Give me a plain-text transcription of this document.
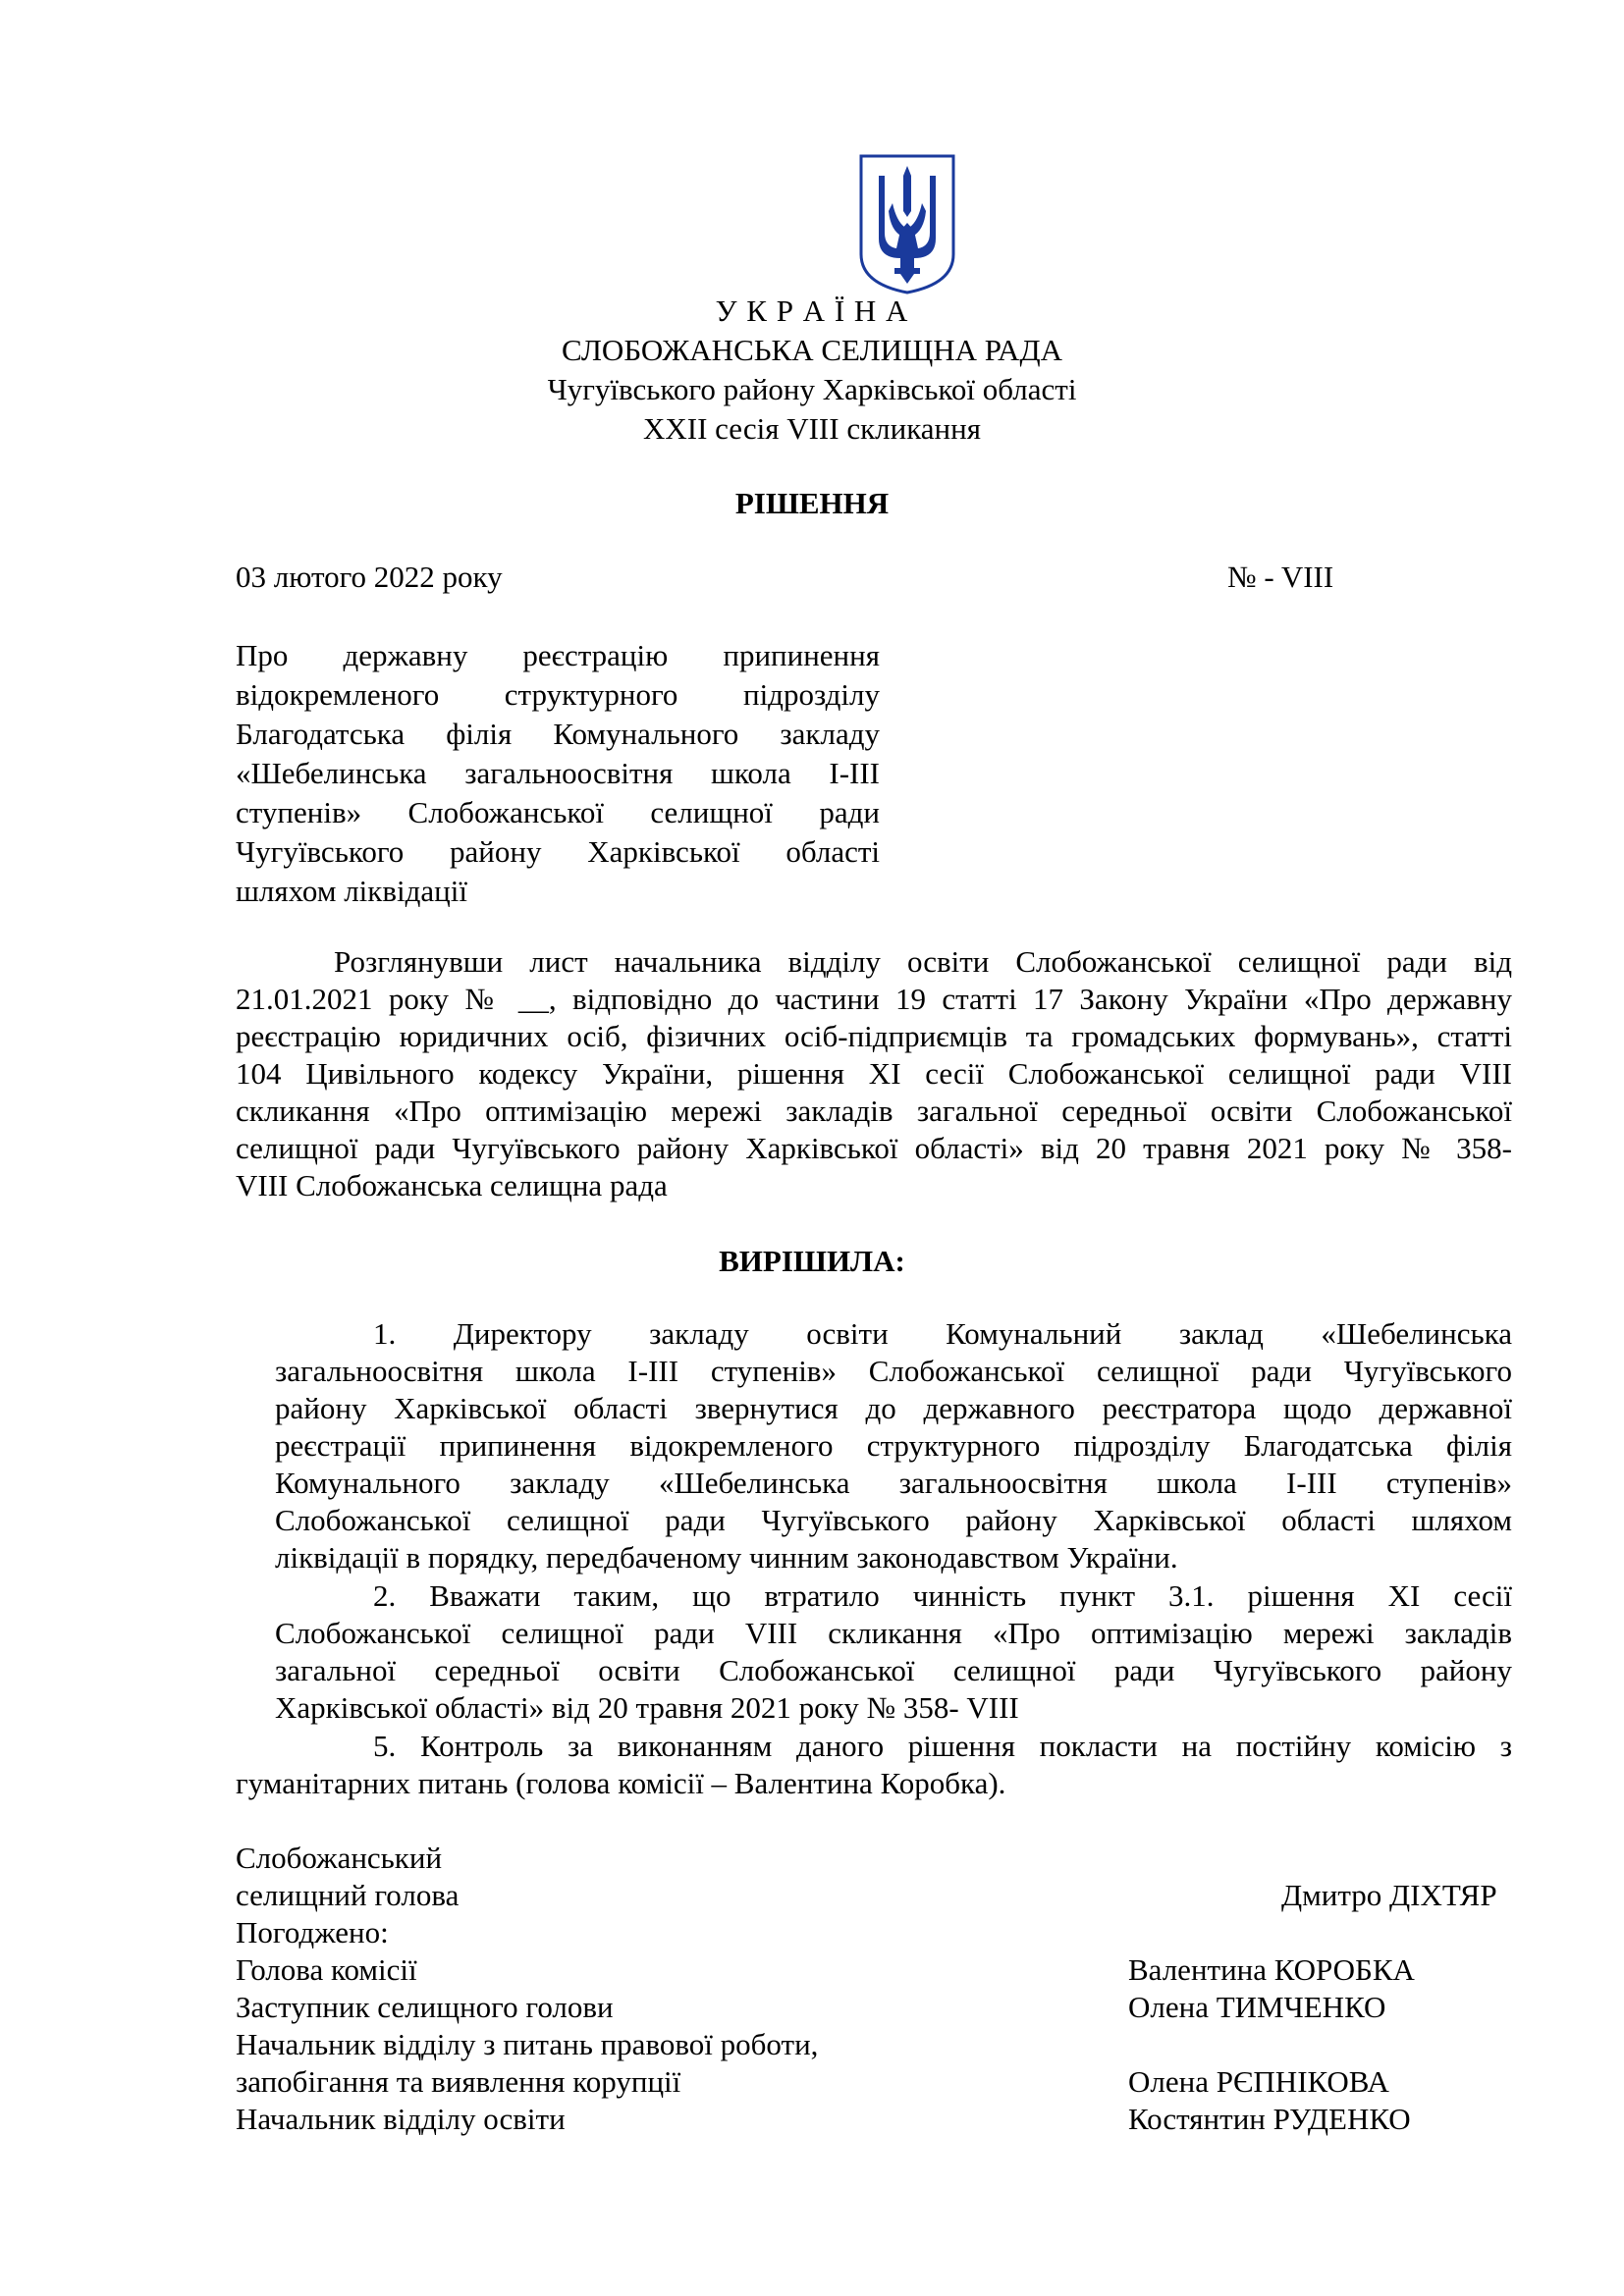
У К Р А Ї Н А
СЛОБОЖАНСЬКА СЕЛИЩНА РАДА
Чугуївського району Харківської області
XXII сесія VIII скликання
РІШЕННЯ
03 лютого 2022 року	№ - VIII
Про державну реєстрацію припинення
відокремленого структурного підрозділу
Благодатська філія Комунального закладу
«Шебелинська загальноосвітня школа І-ІІІ
ступенів» Слобожанської селищної ради
Чугуївського району Харківської області
шляхом ліквідації
Розглянувши лист начальника відділу освіти Слобожанської селищної ради від
21.01.2021 року № __, відповідно до частини 19 статті 17 Закону України «Про державну
реєстрацію юридичних осіб, фізичних осіб-підприємців та громадських формувань», статті
104 Цивільного кодексу України, рішення ХІ сесії Слобожанської селищної ради VIII
скликання «Про оптимізацію мережі закладів загальної середньої освіти Слобожанської
селищної ради Чугуївського району Харківської області» від 20 травня 2021 року № 358-
VIII Слобожанська селищна рада
ВИРІШИЛА:
1. Директору закладу освіти Комунальний заклад «Шебелинська
загальноосвітня школа І-ІІІ ступенів» Слобожанської селищної ради Чугуївського
району Харківської області звернутися до державного реєстратора щодо державної
реєстрації припинення відокремленого структурного підрозділу Благодатська філія
Комунального закладу «Шебелинська загальноосвітня школа І-ІІІ ступенів»
Слобожанської селищної ради Чугуївського району Харківської області шляхом
ліквідації в порядку, передбаченому чинним законодавством України.
2. Вважати таким, що втратило чинність пункт 3.1. рішення ХІ сесії
Слобожанської селищної ради VIII скликання «Про оптимізацію мережі закладів
загальної середньої освіти Слобожанської селищної ради Чугуївського району
Харківської області» від 20 травня 2021 року № 358- VIII
5. Контроль за виконанням даного рішення покласти на постійну комісію з
гуманітарних питань (голова комісії – Валентина Коробка).
Слобожанський
селищний голова	Дмитро ДІХТЯР
Погоджено:
Голова комісії	Валентина КОРОБКА
Заступник селищного голови	Олена ТИМЧЕНКО
Начальник відділу з питань правової роботи,
запобігання та виявлення корупції	Олена РЄПНІКОВА
Начальник відділу освіти	Костянтин РУДЕНКО
